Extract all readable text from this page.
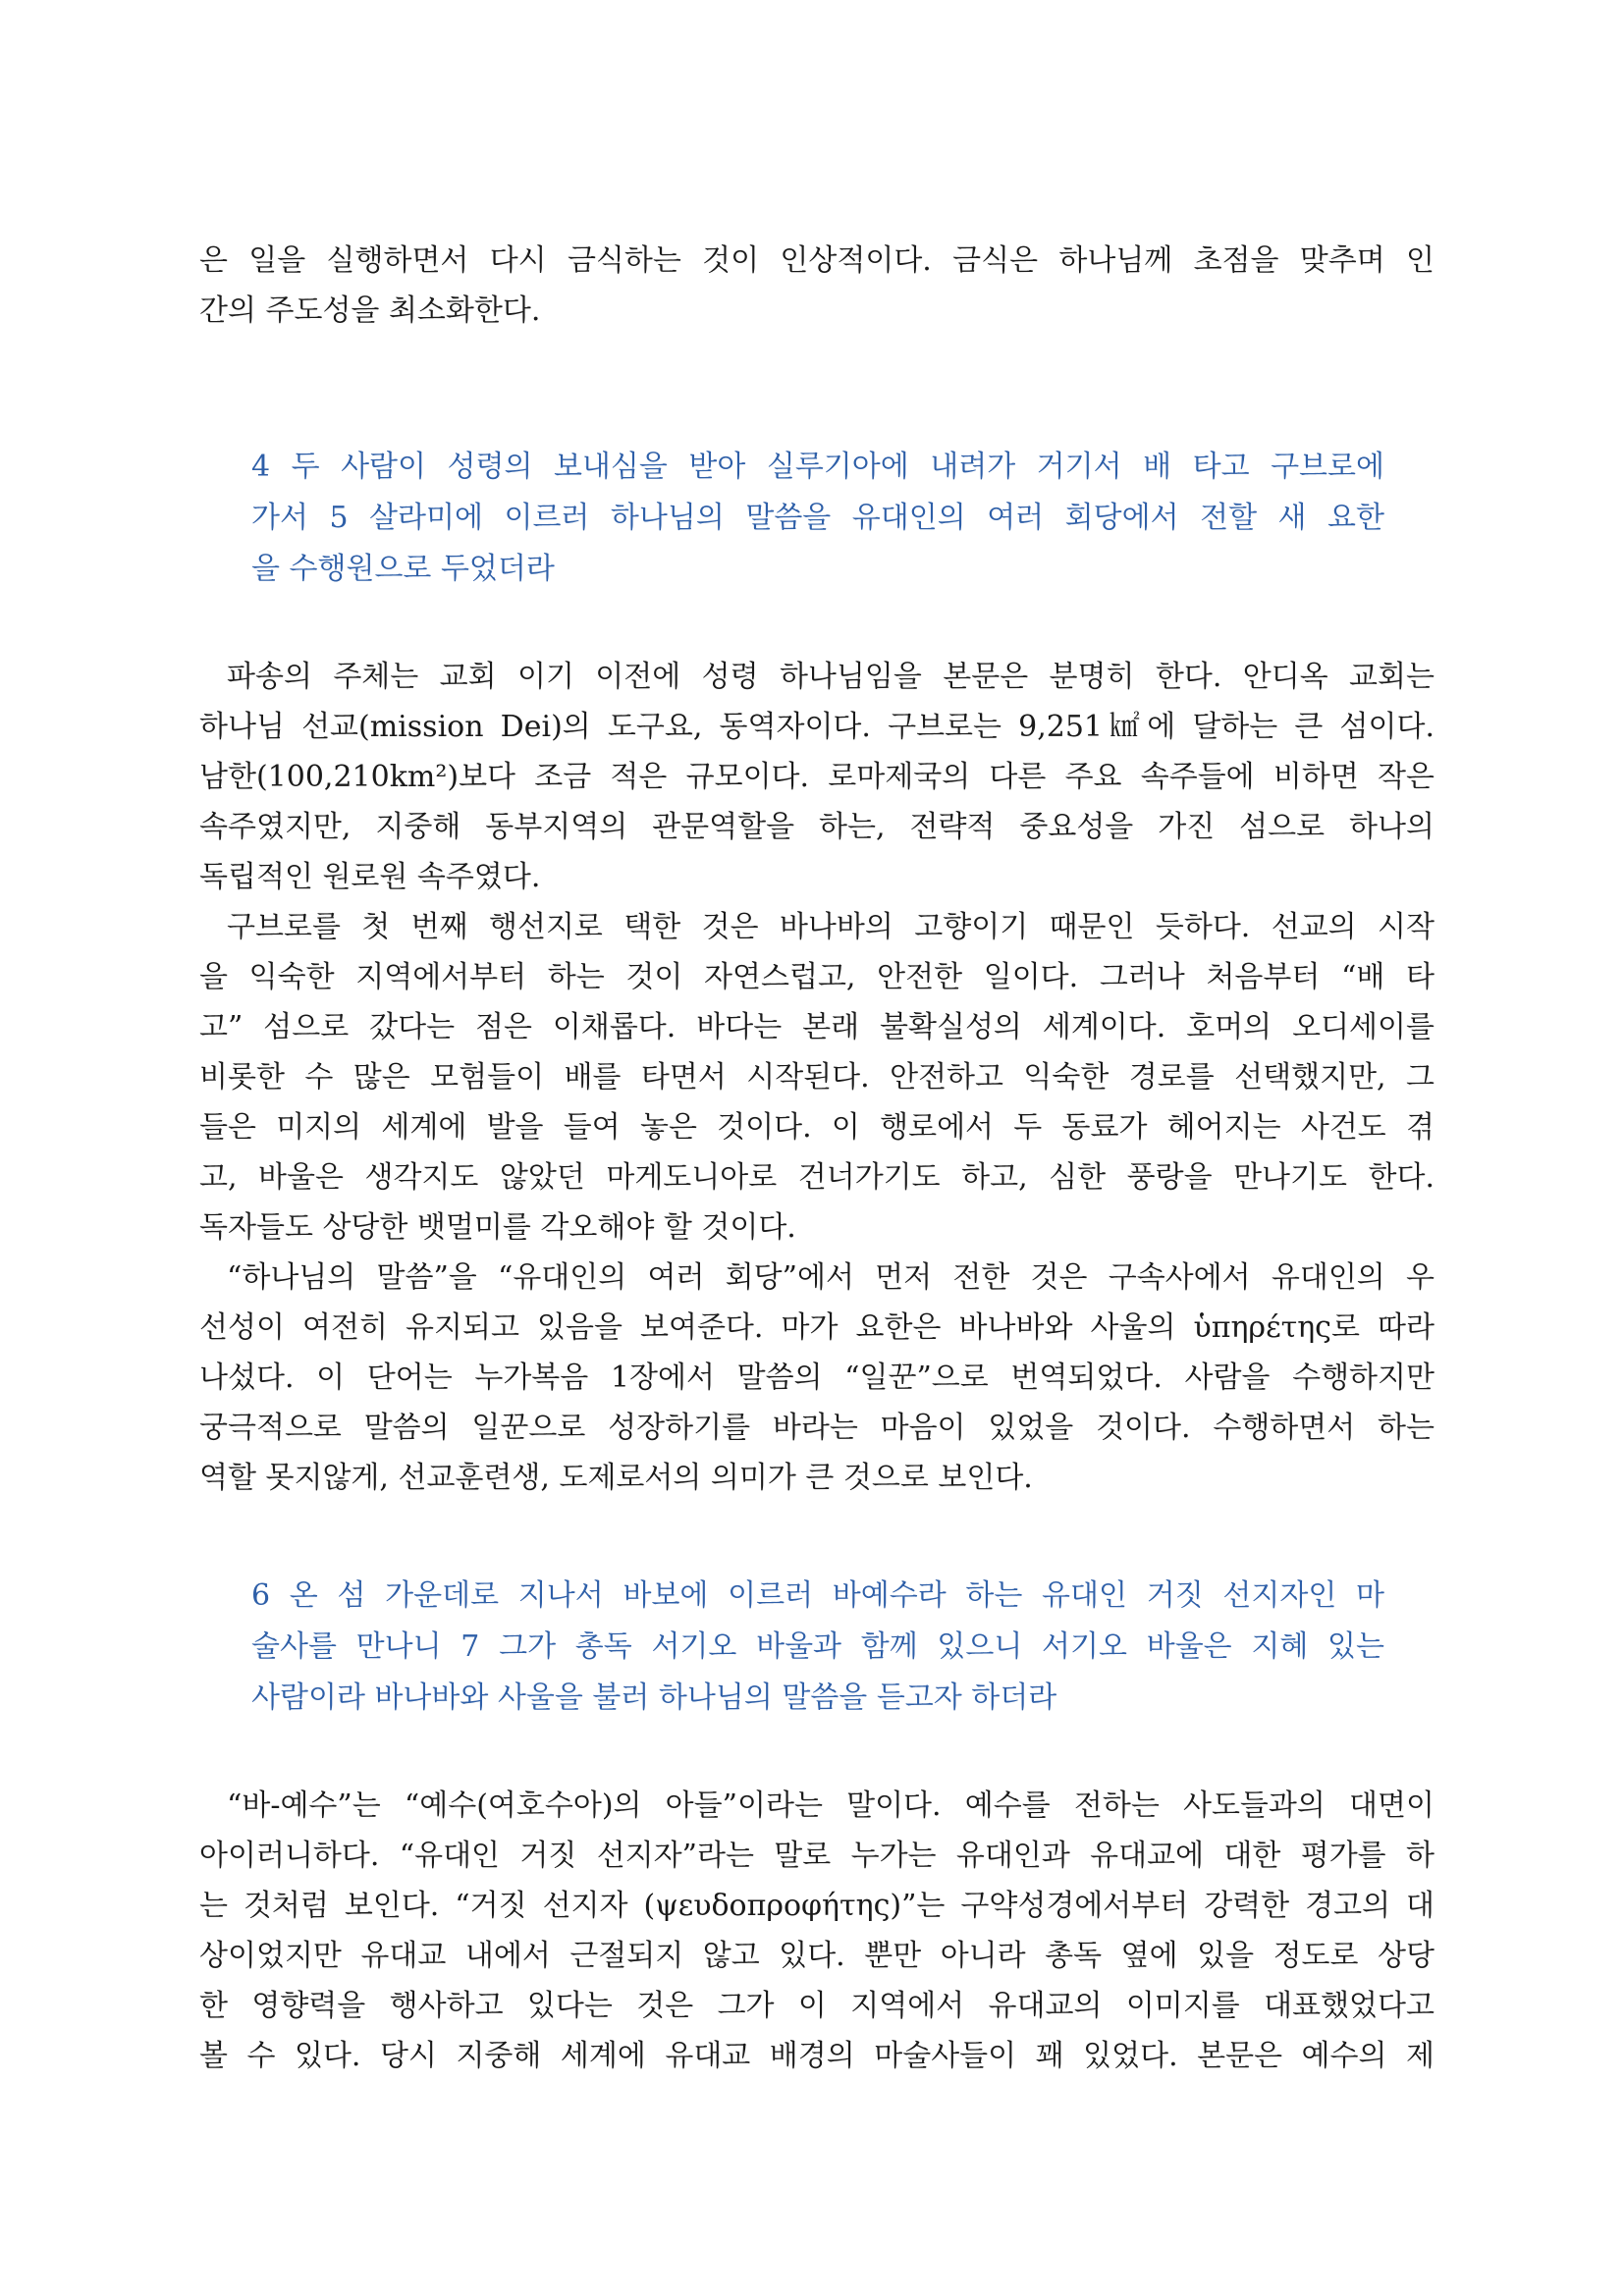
은 일을 실행하면서 다시 금식하는 것이 인상적이다. 금식은 하나님께 초점을 맞추며 인
간의 주도성을 최소화한다.
4 두 사람이 성령의 보내심을 받아 실루기아에 내려가 거기서 배 타고 구브로에
가서 5 살라미에 이르러 하나님의 말씀을 유대인의 여러 회당에서 전할 새 요한
을 수행원으로 두었더라
파송의 주체는 교회 이기 이전에 성령 하나님임을 본문은 분명히 한다. 안디옥 교회는
하나님 선교(mission Dei)의 도구요, 동역자이다. 구브로는 9,251㎢에 달하는 큰 섬이다.
남한(100,210km²)보다 조금 적은 규모이다. 로마제국의 다른 주요 속주들에 비하면 작은
속주였지만, 지중해 동부지역의 관문역할을 하는, 전략적 중요성을 가진 섬으로 하나의
독립적인 원로원 속주였다.
구브로를 첫 번째 행선지로 택한 것은 바나바의 고향이기 때문인 듯하다. 선교의 시작
을 익숙한 지역에서부터 하는 것이 자연스럽고, 안전한 일이다. 그러나 처음부터 “배 타
고” 섬으로 갔다는 점은 이채롭다. 바다는 본래 불확실성의 세계이다. 호머의 오디세이를
비롯한 수 많은 모험들이 배를 타면서 시작된다. 안전하고 익숙한 경로를 선택했지만, 그
들은 미지의 세계에 발을 들여 놓은 것이다. 이 행로에서 두 동료가 헤어지는 사건도 겪
고, 바울은 생각지도 않았던 마게도니아로 건너가기도 하고, 심한 풍랑을 만나기도 한다.
독자들도 상당한 뱃멀미를 각오해야 할 것이다.
“하나님의 말씀”을 “유대인의 여러 회당”에서 먼저 전한 것은 구속사에서 유대인의 우
선성이 여전히 유지되고 있음을 보여준다. 마가 요한은 바나바와 사울의 ὑπηρέτης로 따라
나섰다. 이 단어는 누가복음 1장에서 말씀의 “일꾼”으로 번역되었다. 사람을 수행하지만
궁극적으로 말씀의 일꾼으로 성장하기를 바라는 마음이 있었을 것이다. 수행하면서 하는
역할 못지않게, 선교훈련생, 도제로서의 의미가 큰 것으로 보인다.
6 온 섬 가운데로 지나서 바보에 이르러 바예수라 하는 유대인 거짓 선지자인 마
술사를 만나니 7 그가 총독 서기오 바울과 함께 있으니 서기오 바울은 지혜 있는
사람이라 바나바와 사울을 불러 하나님의 말씀을 듣고자 하더라
“바-예수”는 “예수(여호수아)의 아들”이라는 말이다. 예수를 전하는 사도들과의 대면이
아이러니하다. “유대인 거짓 선지자”라는 말로 누가는 유대인과 유대교에 대한 평가를 하
는 것처럼 보인다. “거짓 선지자 (ψευδοπροφήτης)”는 구약성경에서부터 강력한 경고의 대
상이었지만 유대교 내에서 근절되지 않고 있다. 뿐만 아니라 총독 옆에 있을 정도로 상당
한 영향력을 행사하고 있다는 것은 그가 이 지역에서 유대교의 이미지를 대표했었다고
볼 수 있다. 당시 지중해 세계에 유대교 배경의 마술사들이 꽤 있었다. 본문은 예수의 제
